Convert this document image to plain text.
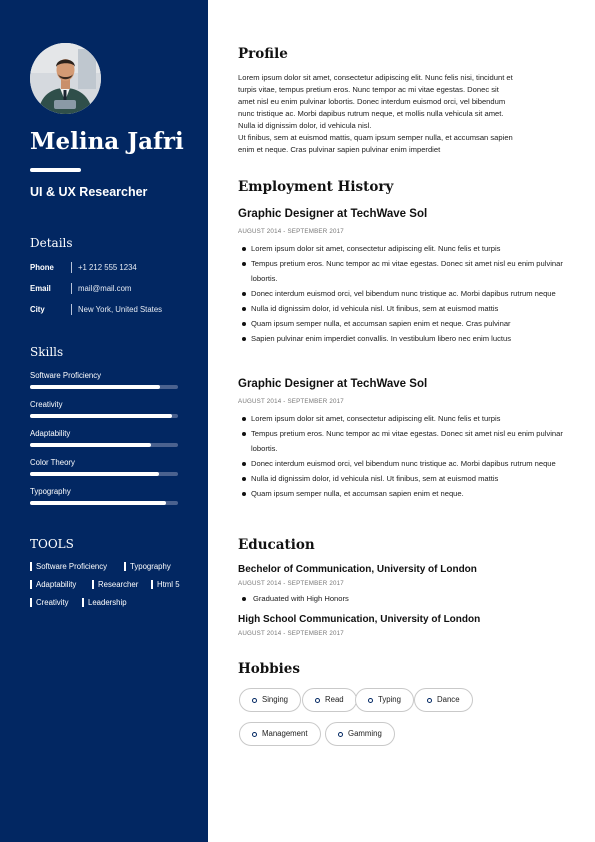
Melina Jafri
UI & UX Researcher
Details
Phone	+1 212 555 1234
Email	mail@mail.com
City	New York, United States
Skills
Software Proficiency
Creativity
Adaptability
Color Theory
Typography
TOOLS
Software Proficiency	Typography
Adaptability	Researcher	Html 5
Creativity	Leadership
Profile
Lorem ipsum dolor sit amet, consectetur adipiscing elit. Nunc felis nisi, tincidunt et
turpis vitae, tempus pretium eros. Nunc tempor ac mi vitae egestas. Donec sit
amet nisl eu enim pulvinar lobortis. Donec interdum euismod orci, vel bibendum
nunc tristique ac. Morbi dapibus rutrum neque, et mollis nulla vehicula sit amet.
Nulla id dignissim dolor, id vehicula nisl.
Ut finibus, sem at euismod mattis, quam ipsum semper nulla, et accumsan sapien
enim et neque. Cras pulvinar sapien pulvinar enim imperdiet
Employment History
Graphic Designer at TechWave Sol
AUGUST 2014 - SEPTEMBER 2017
Lorem ipsum dolor sit amet, consectetur adipiscing elit. Nunc felis et turpis
Tempus pretium eros. Nunc tempor ac mi vitae egestas. Donec sit amet nisl eu enim pulvinar lobortis.
Donec interdum euismod orci, vel bibendum nunc tristique ac. Morbi dapibus rutrum neque
Nulla id dignissim dolor, id vehicula nisl. Ut finibus, sem at euismod mattis
Quam ipsum semper nulla, et accumsan sapien enim et neque. Cras pulvinar
Sapien pulvinar enim imperdiet convallis. In vestibulum libero nec enim luctus
Graphic Designer at TechWave Sol
AUGUST 2014 - SEPTEMBER 2017
Lorem ipsum dolor sit amet, consectetur adipiscing elit. Nunc felis et turpis
Tempus pretium eros. Nunc tempor ac mi vitae egestas. Donec sit amet nisl eu enim pulvinar lobortis.
Donec interdum euismod orci, vel bibendum nunc tristique ac. Morbi dapibus rutrum neque
Nulla id dignissim dolor, id vehicula nisl. Ut finibus, sem at euismod mattis
Quam ipsum semper nulla, et accumsan sapien enim et neque.
Education
Bechelor of Communication, University of London
AUGUST 2014 - SEPTEMBER 2017
Graduated with High Honors
High School Communication, University of London
AUGUST 2014 - SEPTEMBER 2017
Hobbies
Singing	Read	Typing	Dance
Management	Gamming
